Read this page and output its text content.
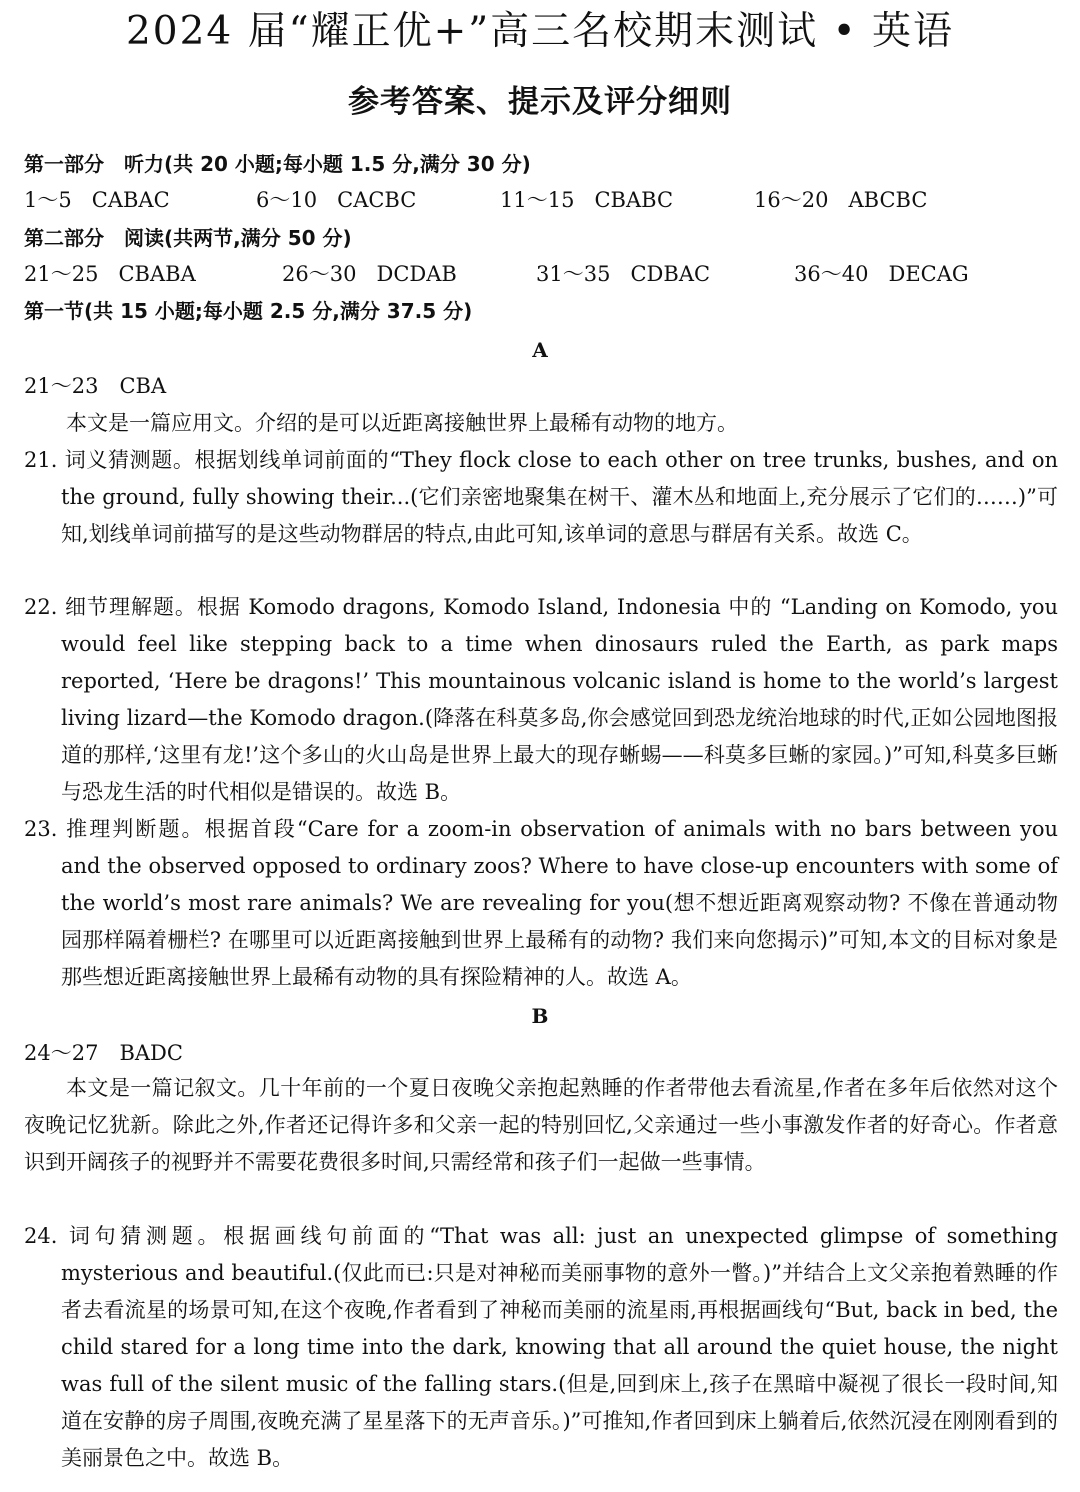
2024 届“耀正优+”高三名校期末测试 • 英语
参考答案、提示及评分细则
第一部分　听力(共 20 小题;每小题 1.5 分,满分 30 分)
1～5 CABAC	6～10 CACBC	11～15 CBABC	16～20 ABCBC
第二部分　阅读(共两节,满分 50 分)
21～25 CBABA	26～30 DCDAB	31～35 CDBAC	36～40 DECAG
第一节(共 15 小题;每小题 2.5 分,满分 37.5 分)
A
21～23　CBA
本文是一篇应用文。介绍的是可以近距离接触世界上最稀有动物的地方。
21. 词义猜测题。根据划线单词前面的“They flock close to each other on tree trunks, bushes, and on the ground, fully showing their...(它们亲密地聚集在树干、灌木丛和地面上,充分展示了它们的……)”可知,划线单词前描写的是这些动物群居的特点,由此可知,该单词的意思与群居有关系。故选 C。
22. 细节理解题。根据 Komodo dragons, Komodo Island, Indonesia 中的 “Landing on Komodo, you would feel like stepping back to a time when dinosaurs ruled the Earth, as park maps reported, ‘Here be dragons!’ This mountainous volcanic island is home to the world’s largest living lizard—the Komodo dragon.(降落在科莫多岛,你会感觉回到恐龙统治地球的时代,正如公园地图报道的那样,‘这里有龙!’这个多山的火山岛是世界上最大的现存蜥蜴——科莫多巨蜥的家园。)”可知,科莫多巨蜥与恐龙生活的时代相似是错误的。故选 B。
23. 推理判断题。根据首段“Care for a zoom-in observation of animals with no bars between you and the observed opposed to ordinary zoos? Where to have close-up encounters with some of the world’s most rare animals? We are revealing for you(想不想近距离观察动物? 不像在普通动物园那样隔着栅栏? 在哪里可以近距离接触到世界上最稀有的动物? 我们来向您揭示)”可知,本文的目标对象是那些想近距离接触世界上最稀有动物的具有探险精神的人。故选 A。
B
24～27　BADC
本文是一篇记叙文。几十年前的一个夏日夜晚父亲抱起熟睡的作者带他去看流星,作者在多年后依然对这个夜晚记忆犹新。除此之外,作者还记得许多和父亲一起的特别回忆,父亲通过一些小事激发作者的好奇心。作者意识到开阔孩子的视野并不需要花费很多时间,只需经常和孩子们一起做一些事情。
24. 词句猜测题。根据画线句前面的“That was all: just an unexpected glimpse of something mysterious and beautiful.(仅此而已:只是对神秘而美丽事物的意外一瞥。)”并结合上文父亲抱着熟睡的作者去看流星的场景可知,在这个夜晚,作者看到了神秘而美丽的流星雨,再根据画线句“But, back in bed, the child stared for a long time into the dark, knowing that all around the quiet house, the night was full of the silent music of the falling stars.(但是,回到床上,孩子在黑暗中凝视了很长一段时间,知道在安静的房子周围,夜晚充满了星星落下的无声音乐。)”可推知,作者回到床上躺着后,依然沉浸在刚刚看到的美丽景色之中。故选 B。
